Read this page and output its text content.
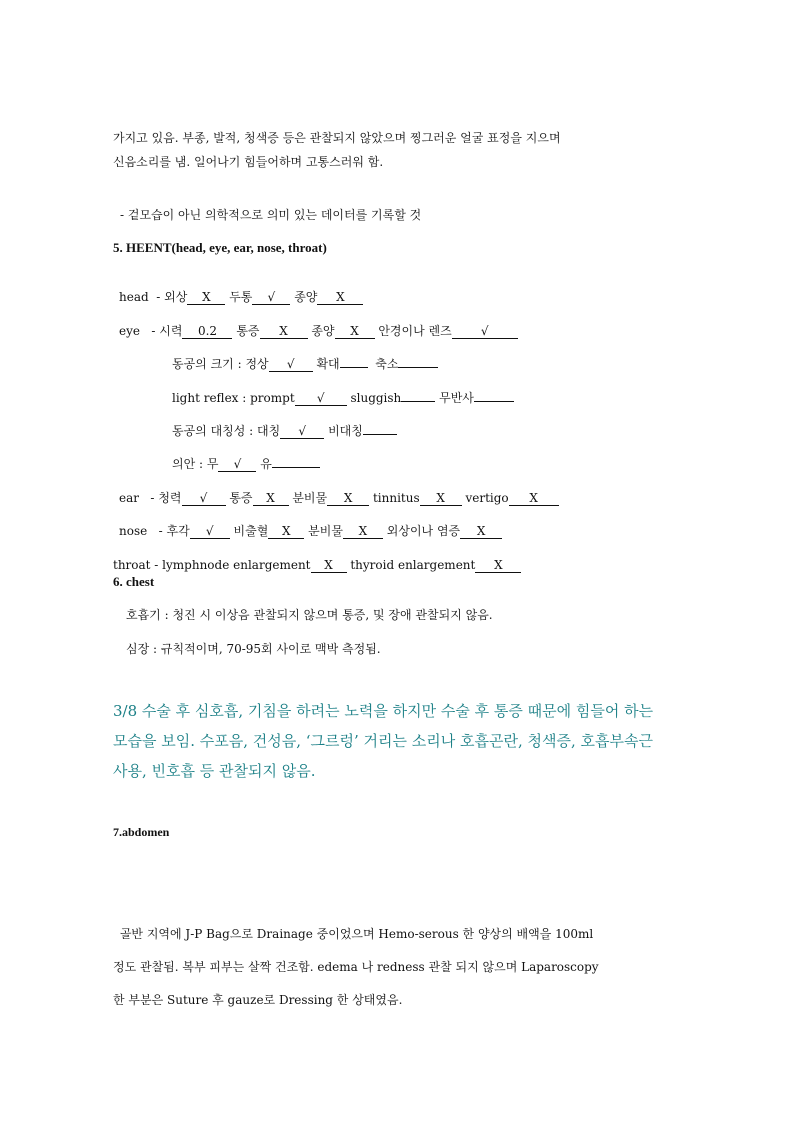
가지고 있음. 부종, 발적, 청색증 등은 관찰되지 않았으며 찡그러운 얼굴 표정을 지으며
신음소리를 냄. 일어나기 힘들어하며 고통스러워 함.
- 겉모습이 아닌 의학적으로 의미 있는 데이터를 기록할 것
5. HEENT(head, eye, ear, nose, throat)

head  - 외상 X 두통 √ 종양 X

eye   - 시력 0.2 통증 X 종양 X 안경이나 렌즈 √

동공의 크기 : 정상 √ 확대	축소

light reflex : prompt √ sluggish	무반사

동공의 대칭성 : 대칭 √ 비대칭

의안 : 무 √ 유

ear   - 청력 √ 통증 X 분비물 X tinnitus X vertigo X

nose   - 후각 √ 비출혈 X 분비물 X 외상이나 염증 X

throat - lymphnode enlargement X thyroid enlargement X

6. chest
호흡기 : 청진 시 이상음 관찰되지 않으며 통증, 및 장애 관찰되지 않음.
심장 : 규칙적이며, 70-95회 사이로 맥박 측정됨.
3/8 수술 후 심호흡, 기침을 하려는 노력을 하지만 수술 후 통증 때문에 힘들어 하는
모습을 보임. 수포음, 건성음, ‘그르렁’ 거리는 소리나 호흡곤란, 청색증, 호흡부속근
사용, 빈호흡 등 관찰되지 않음.
7.abdomen
골반 지역에 J-P Bag으로 Drainage 중이었으며 Hemo-serous 한 양상의 배액을 100ml
정도 관찰됨. 복부 피부는 살짝 건조함. edema 나 redness 관찰 되지 않으며 Laparoscopy
한 부분은 Suture 후 gauze로 Dressing 한 상태였음.
